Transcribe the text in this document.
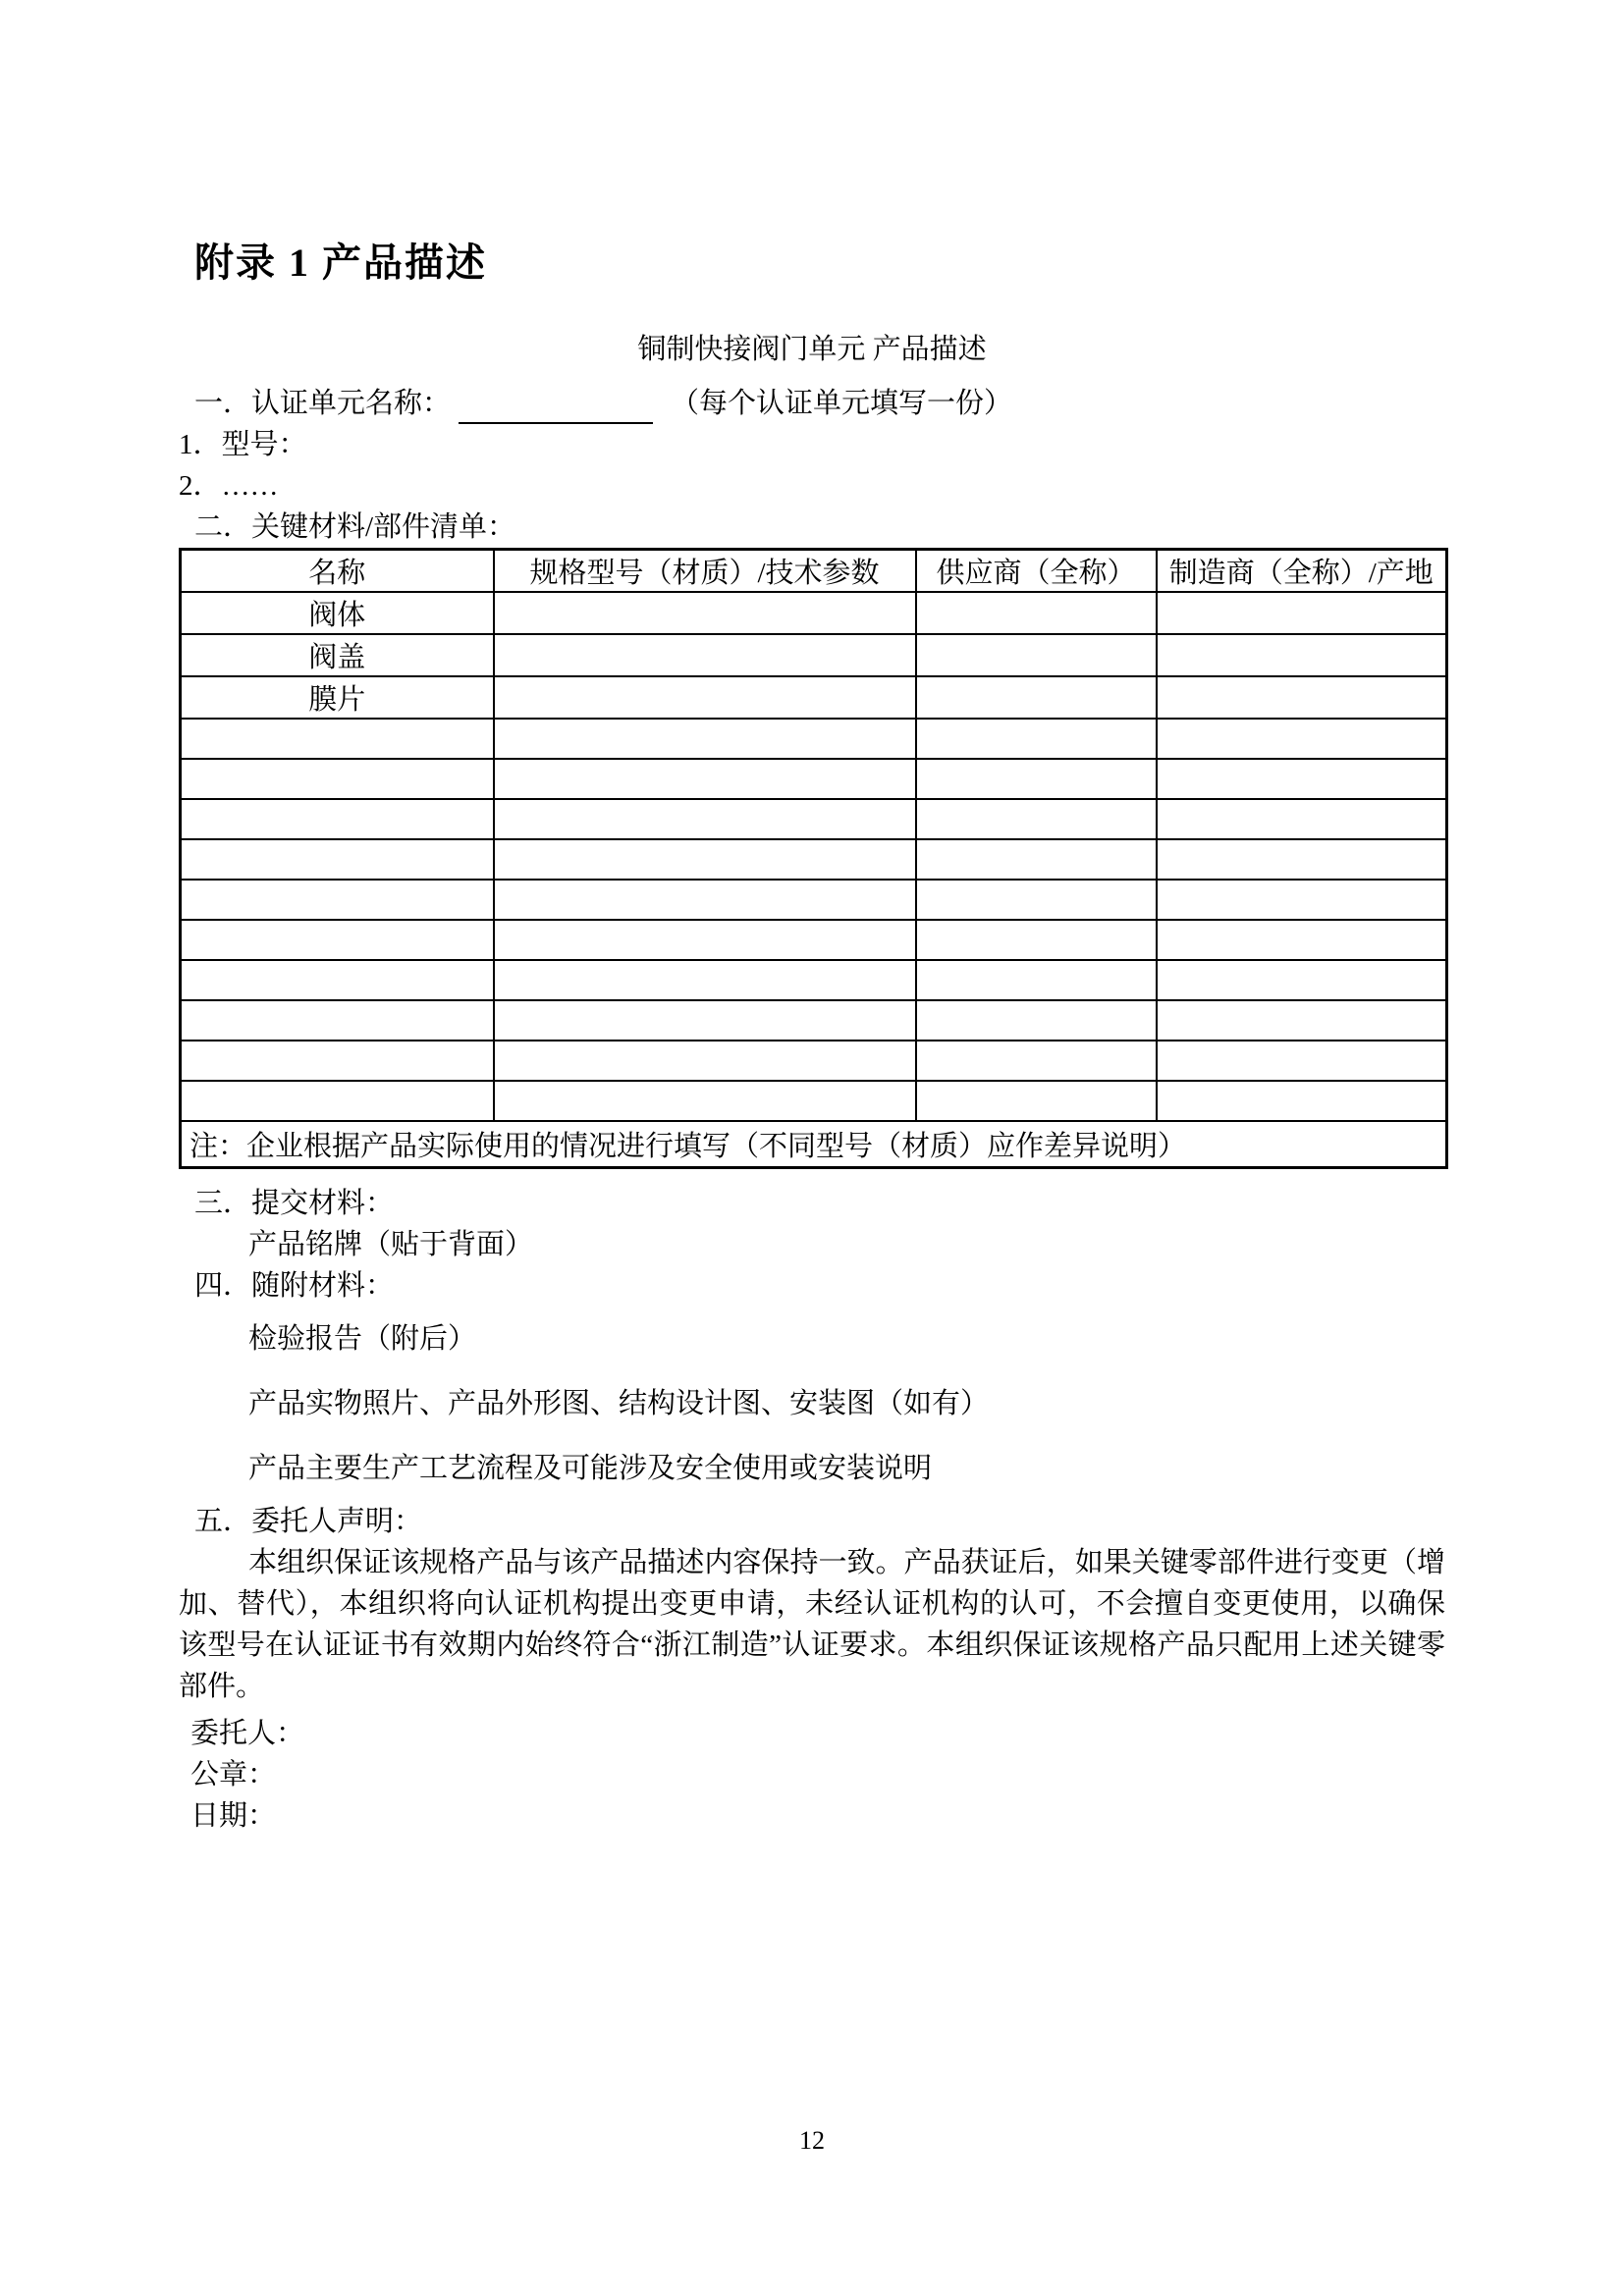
附录 1 产品描述
铜制快接阀门单元 产品描述
一．认证单元名称：	（每个认证单元填写一份）
1．型号：
2．……
二．关键材料/部件清单：
名称	规格型号（材质）/技术参数	供应商（全称）	制造商（全称）/产地
阀体			
阀盖			
膜片			

注：企业根据产品实际使用的情况进行填写（不同型号（材质）应作差异说明）			
三．提交材料：
产品铭牌（贴于背面）
四．随附材料：
检验报告（附后）
产品实物照片、产品外形图、结构设计图、安装图（如有）
产品主要生产工艺流程及可能涉及安全使用或安装说明
五．委托人声明：

本组织保证该规格产品与该产品描述内容保持一致。产品获证后，如果关键零部件进行变更（增加、替代），本组织将向认证机构提出变更申请，未经认证机构的认可，不会擅自变更使用，以确保该型号在认证证书有效期内始终符合“浙江制造”认证要求。本组织保证该规格产品只配用上述关键零部件。

委托人：
公章：
日期：
12
